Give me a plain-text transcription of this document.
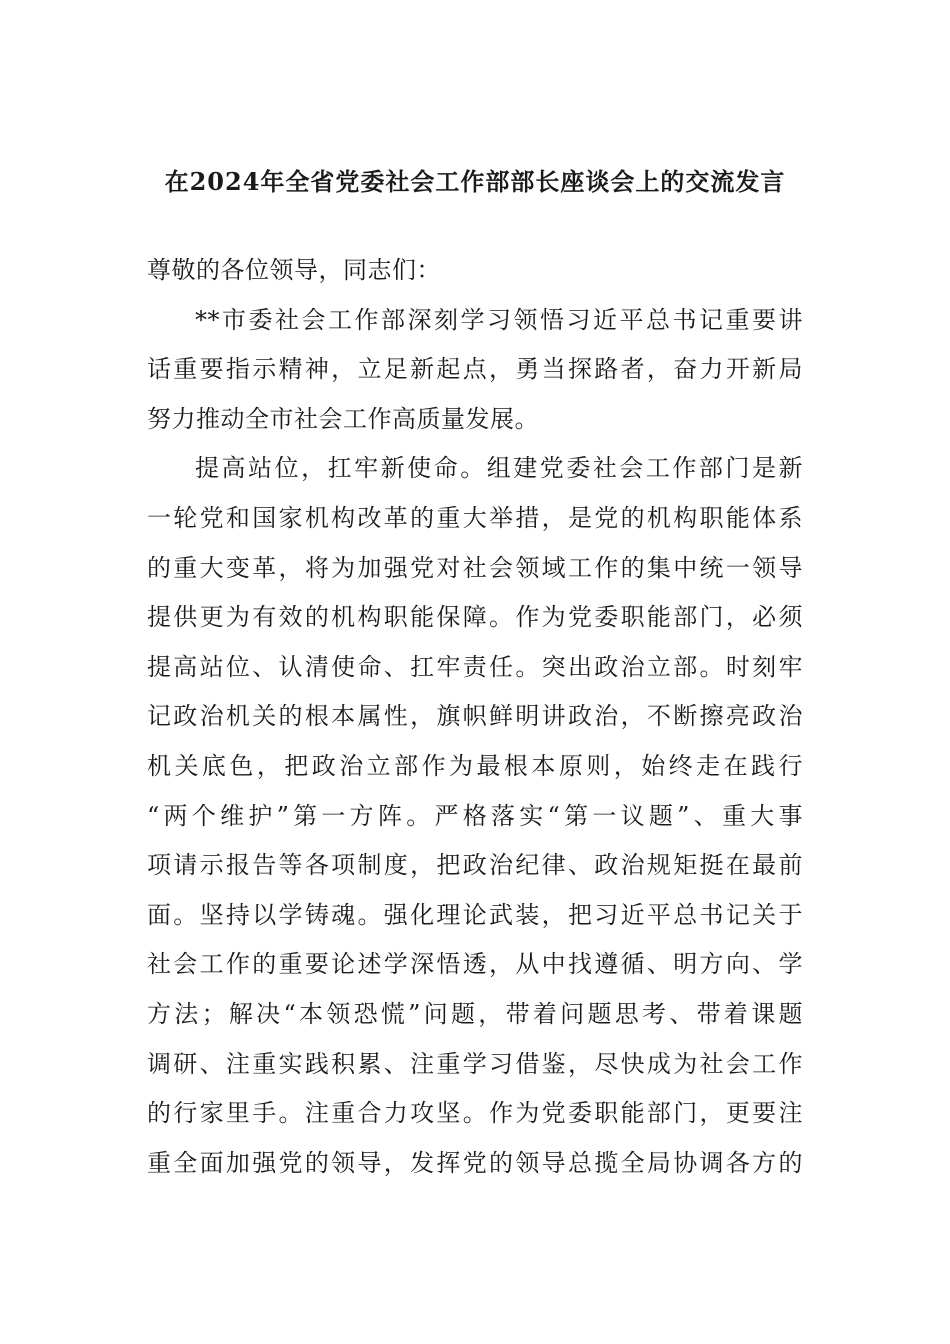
在2024年全省党委社会工作部部长座谈会上的交流发言
尊敬的各位领导，同志们：
**市委社会工作部深刻学习领悟习近平总书记重要讲
话重要指示精神，立足新起点，勇当探路者，奋力开新局
努力推动全市社会工作高质量发展。
提高站位，扛牢新使命。组建党委社会工作部门是新
一轮党和国家机构改革的重大举措，是党的机构职能体系
的重大变革，将为加强党对社会领域工作的集中统一领导
提供更为有效的机构职能保障。作为党委职能部门，必须
提高站位、认清使命、扛牢责任。突出政治立部。时刻牢
记政治机关的根本属性，旗帜鲜明讲政治，不断擦亮政治
机关底色，把政治立部作为最根本原则，始终走在践行
“两个维护”第一方阵。严格落实“第一议题”、重大事
项请示报告等各项制度，把政治纪律、政治规矩挺在最前
面。坚持以学铸魂。强化理论武装，把习近平总书记关于
社会工作的重要论述学深悟透，从中找遵循、明方向、学
方法；解决“本领恐慌”问题，带着问题思考、带着课题
调研、注重实践积累、注重学习借鉴，尽快成为社会工作
的行家里手。注重合力攻坚。作为党委职能部门，更要注
重全面加强党的领导，发挥党的领导总揽全局协调各方的
